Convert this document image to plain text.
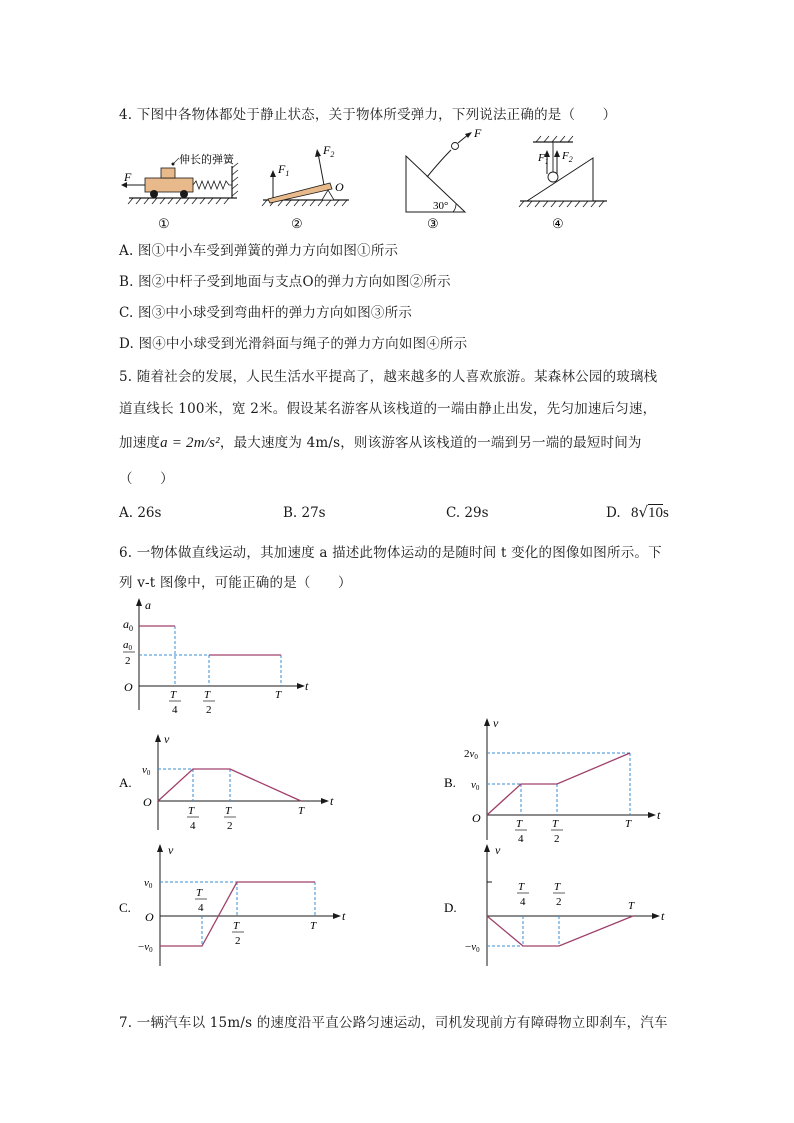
4. 下图中各物体都处于静止状态，关于物体所受弹力，下列说法正确的是（　　）
F
伸长的弹簧
①
$F_1$
$F_2$
O
②
30°
F
③
$F_1$ $F_2$
④
A. 图①中小车受到弹簧的弹力方向如图①所示
B. 图②中杆子受到地面与支点O的弹力方向如图②所示
C. 图③中小球受到弯曲杆的弹力方向如图③所示
D. 图④中小球受到光滑斜面与绳子的弹力方向如图④所示
5. 随着社会的发展，人民生活水平提高了，越来越多的人喜欢旅游。某森林公园的玻璃栈
道直线长 100米，宽 2米。假设某名游客从该栈道的一端由静止出发，先匀加速后匀速，
加速度a = 2m/s²，最大速度为 4m/s，则该游客从该栈道的一端到另一端的最短时间为
（　　）
A. 26s	B. 27s	C. 29s	D. 8√10s
6. 一物体做直线运动，其加速度 a 描述此物体运动的是随时间 t 变化的图像如图所示。下
列 v-t 图像中，可能正确的是（　　）
a
t
O
$a_0$
a0
2
T
4
T
2
T
A.
v
t
O
v0
T
4
T
2
T
B.
v
t
O
2v0
v0
T
4
T
2
T
C.
v
t
O
v0
−v0
T
4
T
2
T
D.
v
t
−v0
T
4
T
2	T
7. 一辆汽车以 15m/s 的速度沿平直公路匀速运动，司机发现前方有障碍物立即刹车，汽车
